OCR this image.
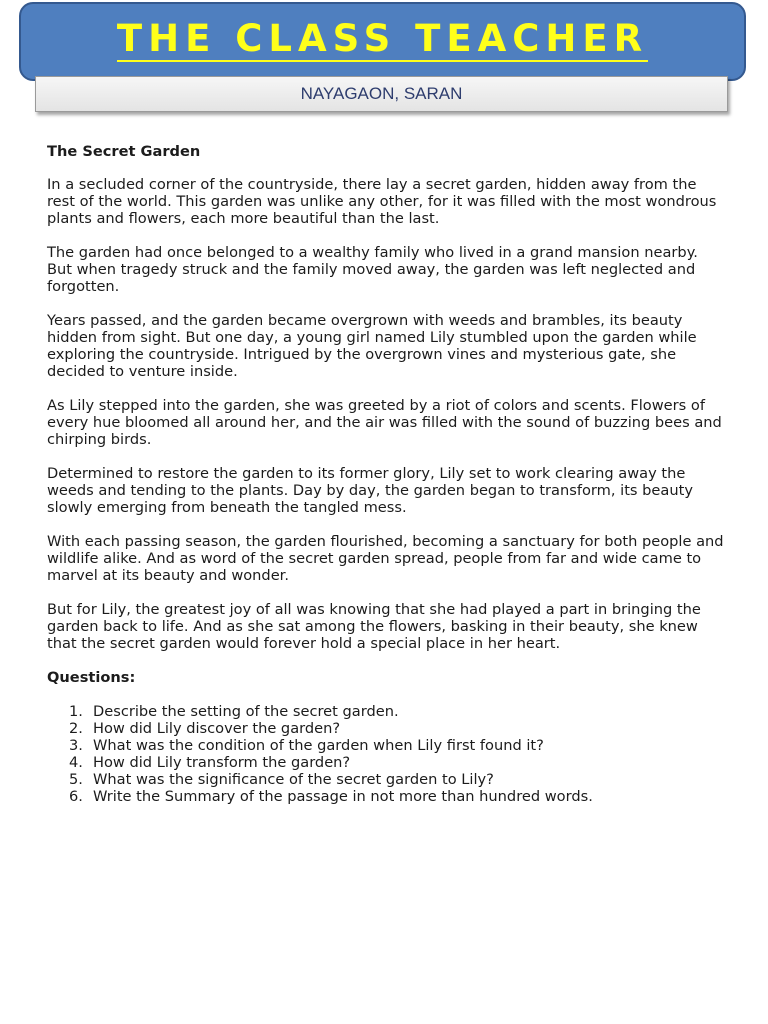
THE CLASS TEACHER
NAYAGAON, SARAN
The Secret Garden

In a secluded corner of the countryside, there lay a secret garden, hidden away from the rest of the world. This garden was unlike any other, for it was filled with the most wondrous plants and flowers, each more beautiful than the last.

The garden had once belonged to a wealthy family who lived in a grand mansion nearby. But when tragedy struck and the family moved away, the garden was left neglected and forgotten.

Years passed, and the garden became overgrown with weeds and brambles, its beauty hidden from sight. But one day, a young girl named Lily stumbled upon the garden while exploring the countryside. Intrigued by the overgrown vines and mysterious gate, she decided to venture inside.

As Lily stepped into the garden, she was greeted by a riot of colors and scents. Flowers of every hue bloomed all around her, and the air was filled with the sound of buzzing bees and chirping birds.

Determined to restore the garden to its former glory, Lily set to work clearing away the weeds and tending to the plants. Day by day, the garden began to transform, its beauty slowly emerging from beneath the tangled mess.

With each passing season, the garden flourished, becoming a sanctuary for both people and wildlife alike. And as word of the secret garden spread, people from far and wide came to marvel at its beauty and wonder.

But for Lily, the greatest joy of all was knowing that she had played a part in bringing the garden back to life. And as she sat among the flowers, basking in their beauty, she knew that the secret garden would forever hold a special place in her heart.

Questions:
1. Describe the setting of the secret garden.
2. How did Lily discover the garden?
3. What was the condition of the garden when Lily first found it?
4. How did Lily transform the garden?
5. What was the significance of the secret garden to Lily?
6. Write the Summary of the passage in not more than hundred words.
